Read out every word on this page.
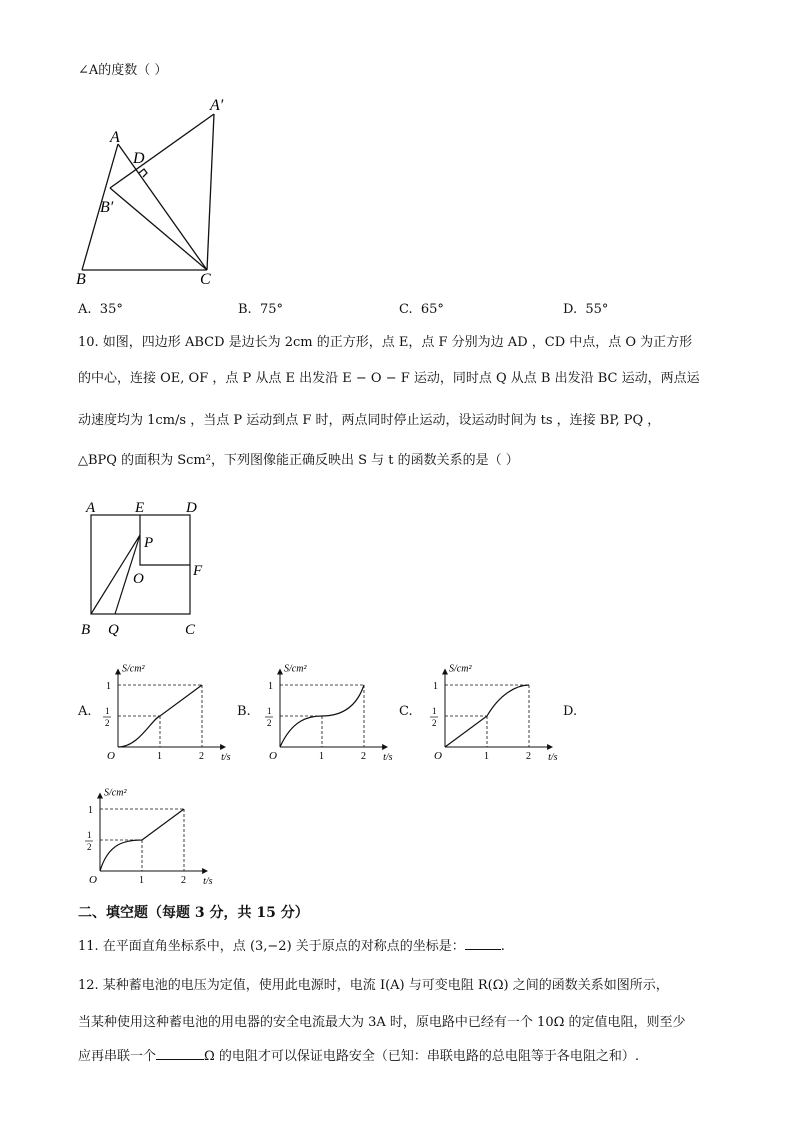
∠A的度数（ ）
A
A′
D
B′
B	C
A. 35°	B. 75°	C. 65°	D. 55°
10. 如图，四边形 ABCD 是边长为 2cm 的正方形，点 E，点 F 分别为边 AD ，CD 中点，点 O 为正方形
的中心，连接 OE, OF ，点 P 从点 E 出发沿 E − O − F 运动，同时点 Q 从点 B 出发沿 BC 运动，两点运
动速度均为 1cm/s ，当点 P 运动到点 F 时，两点同时停止运动，设运动时间为 ts ，连接 BP, PQ ，
△BPQ 的面积为 Scm²，下列图像能正确反映出 S 与 t 的函数关系的是（ ）
A	E	D
P
O	F
B Q	C
A.	B.	C.	D.
S/cm²
t/s
O	1	2
1
1
2
S/cm²
t/s
O	1	2
1
1
2
S/cm²
t/s
O	1	2
1
1
2
S/cm²
t/s
O	1	2
1
1
2
二、填空题（每题 3 分，共 15 分）
11. 在平面直角坐标系中，点 (3,−2) 关于原点的对称点的坐标是：	.
12. 某种蓄电池的电压为定值，使用此电源时，电流 I(A) 与可变电阻 R(Ω) 之间的函数关系如图所示，
当某种使用这种蓄电池的用电器的安全电流最大为 3A 时，原电路中已经有一个 10Ω 的定值电阻，则至少
应再串联一个	Ω 的电阻才可以保证电路安全（已知：串联电路的总电阻等于各电阻之和）.
